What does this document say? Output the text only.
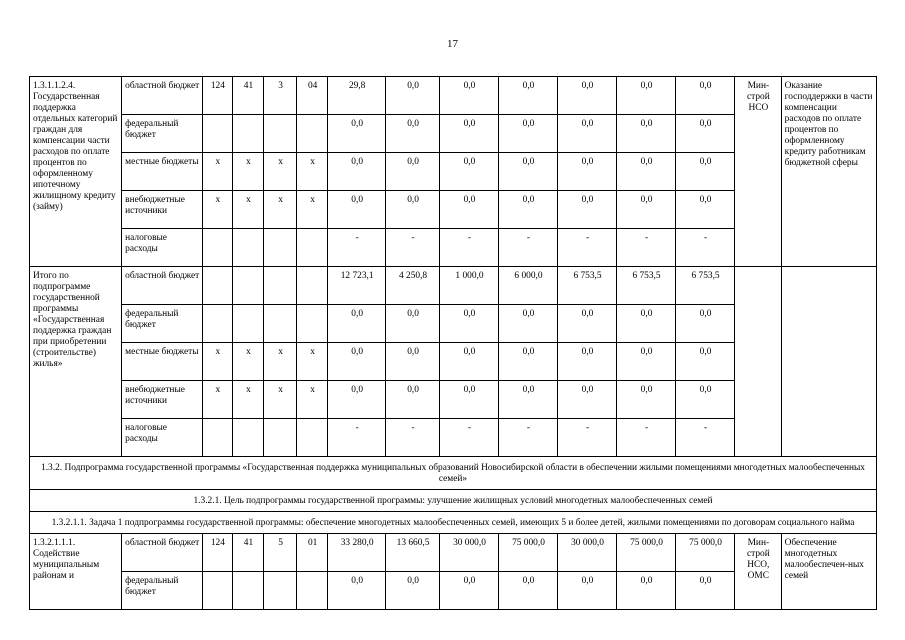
17
1.3.1.1.2.4. Государственная поддержка отдельных категорий граждан для компенсации части расходов по оплате процентов по оформленному ипотечному жилищному кредиту (займу)	областной бюджет	124	41	3	04	29,8	0,0	0,0	0,0	0,0	0,0	0,0	Мин-строй НСО	Оказание господдержки в части компенсации расходов по оплате процентов по оформленному кредиту работникам бюджетной сферы
	федеральный бюджет					0,0	0,0	0,0	0,0	0,0	0,0	0,0		
	местные бюджеты	х	х	х	х	0,0	0,0	0,0	0,0	0,0	0,0	0,0		
	внебюджетные источники	х	х	х	х	0,0	0,0	0,0	0,0	0,0	0,0	0,0		
	налоговые расходы					-	-	-	-	-	-	-		
Итого по подпрограмме государственной программы «Государственная поддержка граждан при приобретении (строительстве) жилья»	областной бюджет					12 723,1	4 250,8	1 000,0	6 000,0	6 753,5	6 753,5	6 753,5		
	федеральный бюджет					0,0	0,0	0,0	0,0	0,0	0,0	0,0		
	местные бюджеты	х	х	х	х	0,0	0,0	0,0	0,0	0,0	0,0	0,0		
	внебюджетные источники	х	х	х	х	0,0	0,0	0,0	0,0	0,0	0,0	0,0		
	налоговые расходы					-	-	-	-	-	-	-		
1.3.2. Подпрограмма государственной программы «Государственная поддержка муниципальных образований Новосибирской области в обеспечении жилыми помещениями многодетных малообеспеченных семей»														
1.3.2.1. Цель подпрограммы государственной программы: улучшение жилищных условий многодетных малообеспеченных семей														
1.3.2.1.1. Задача 1 подпрограммы государственной программы: обеспечение многодетных малообеспеченных семей, имеющих 5 и более детей, жилыми помещениями по договорам социального найма														
1.3.2.1.1.1. Содействие муниципальным районам и	областной бюджет	124	41	5	01	33 280,0	13 660,5	30 000,0	75 000,0	30 000,0	75 000,0	75 000,0	Мин-строй НСО, ОМС	Обеспечение многодетных малообеспечен-ных семей
	федеральный бюджет					0,0	0,0	0,0	0,0	0,0	0,0	0,0		
